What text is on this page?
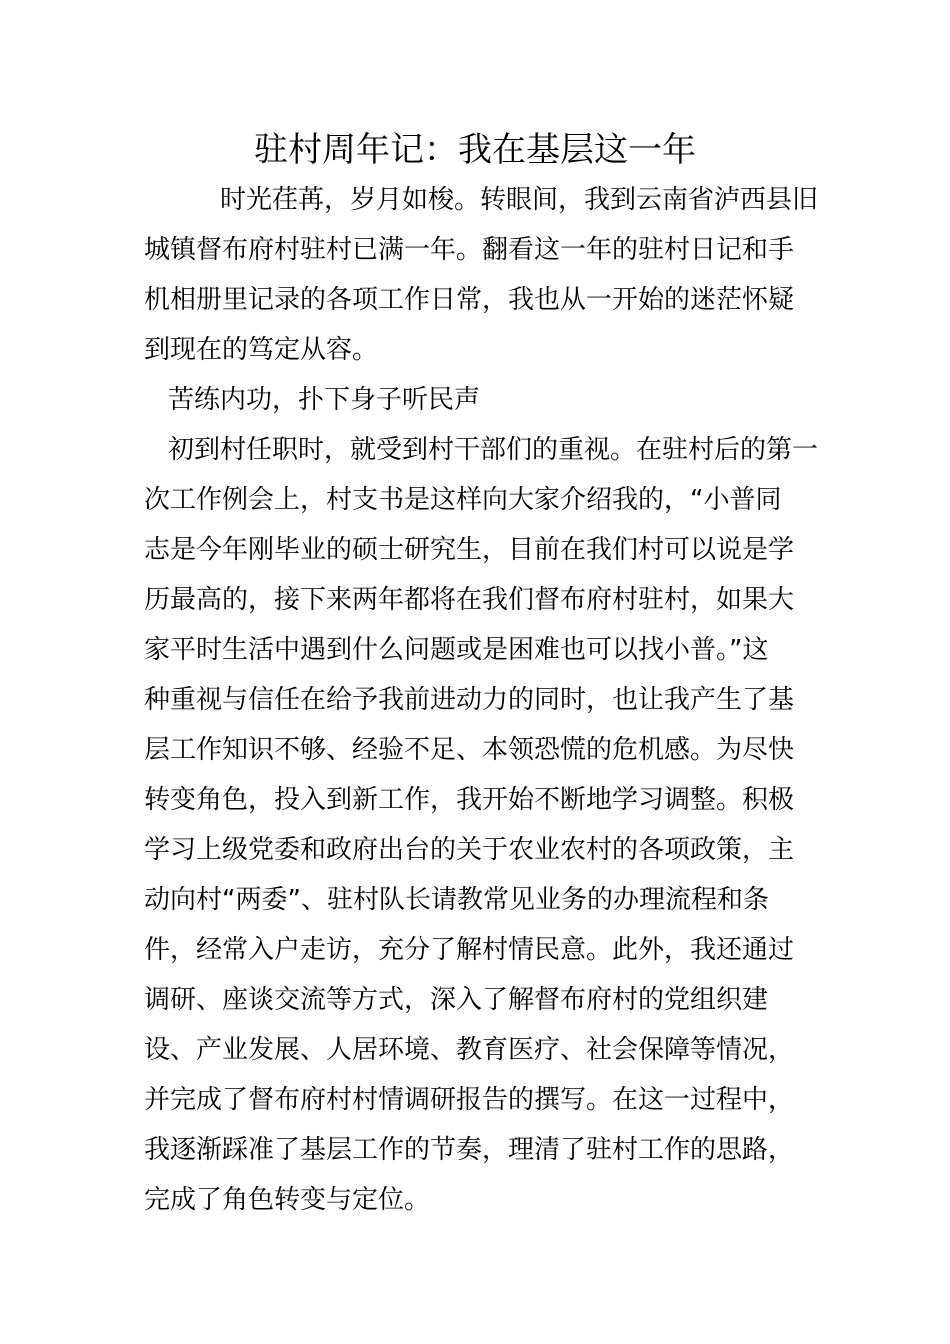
驻村周年记：我在基层这一年

时光荏苒，岁月如梭。转眼间，我到云南省泸西县旧

城镇督布府村驻村已满一年。翻看这一年的驻村日记和手

机相册里记录的各项工作日常，我也从一开始的迷茫怀疑

到现在的笃定从容。

苦练内功，扑下身子听民声

初到村任职时，就受到村干部们的重视。在驻村后的第一

次工作例会上，村支书是这样向大家介绍我的，“小普同

志是今年刚毕业的硕士研究生，目前在我们村可以说是学

历最高的，接下来两年都将在我们督布府村驻村，如果大

家平时生活中遇到什么问题或是困难也可以找小普。”这

种重视与信任在给予我前进动力的同时，也让我产生了基

层工作知识不够、经验不足、本领恐慌的危机感。为尽快

转变角色，投入到新工作，我开始不断地学习调整。积极

学习上级党委和政府出台的关于农业农村的各项政策，主

动向村“两委”、驻村队长请教常见业务的办理流程和条

件，经常入户走访，充分了解村情民意。此外，我还通过

调研、座谈交流等方式，深入了解督布府村的党组织建

设、产业发展、人居环境、教育医疗、社会保障等情况，

并完成了督布府村村情调研报告的撰写。在这一过程中，

我逐渐踩准了基层工作的节奏，理清了驻村工作的思路，

完成了角色转变与定位。
